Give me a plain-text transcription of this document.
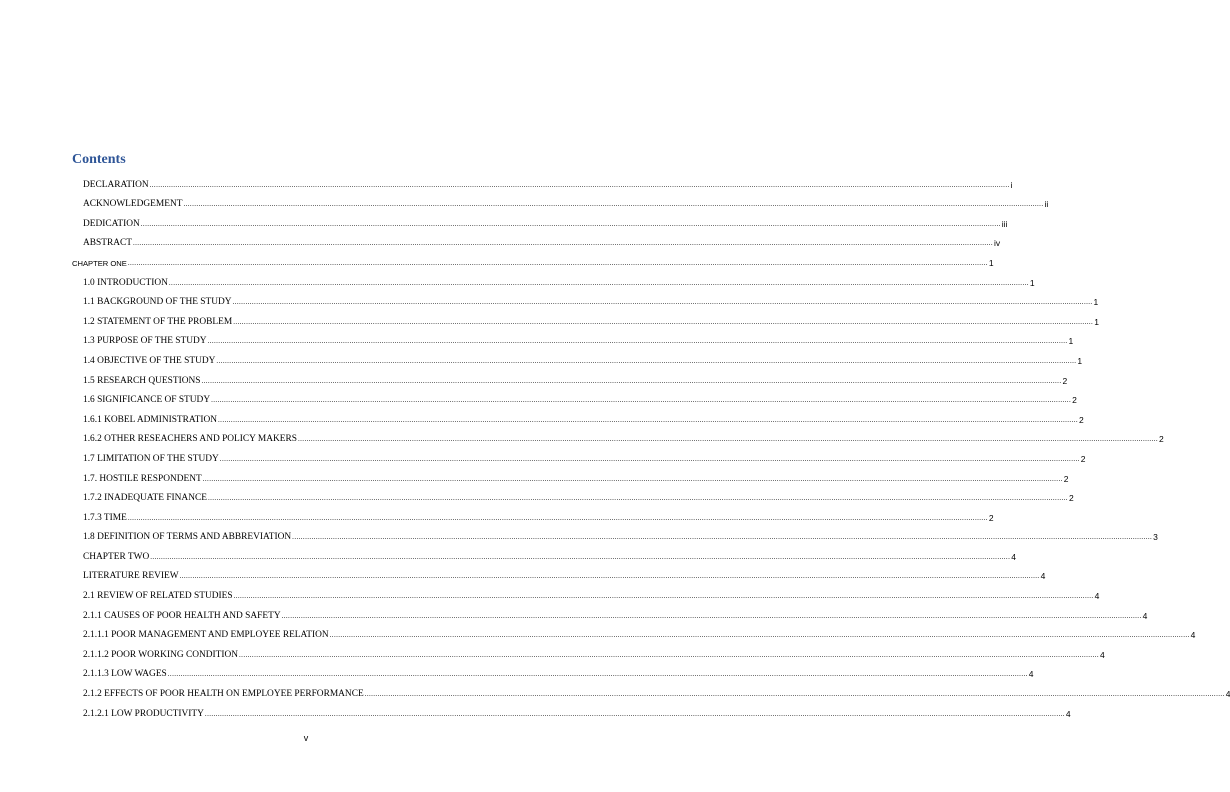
Contents
DECLARATION ................................................................................................................................................................................................................................................................................................................................................................................................................ i
ACKNOWLEDGEMENT ................................................................................................................................................................................................................................................................................................................................................................................................................ ii
DEDICATION ................................................................................................................................................................................................................................................................................................................................................................................................................ iii
ABSTRACT ................................................................................................................................................................................................................................................................................................................................................................................................................ iv
CHAPTER ONE ................................................................................................................................................................................................................................................................................................................................................................................................................ 1
1.0 INTRODUCTION ................................................................................................................................................................................................................................................................................................................................................................................................................ 1
1.1 BACKGROUND OF THE STUDY ................................................................................................................................................................................................................................................................................................................................................................................................................ 1
1.2 STATEMENT OF THE PROBLEM ................................................................................................................................................................................................................................................................................................................................................................................................................ 1
1.3 PURPOSE OF THE STUDY ................................................................................................................................................................................................................................................................................................................................................................................................................ 1
1.4 OBJECTIVE OF THE STUDY ................................................................................................................................................................................................................................................................................................................................................................................................................ 1
1.5 RESEARCH QUESTIONS ................................................................................................................................................................................................................................................................................................................................................................................................................ 2
1.6 SIGNIFICANCE OF STUDY ................................................................................................................................................................................................................................................................................................................................................................................................................ 2
1.6.1 KOBEL ADMINISTRATION ................................................................................................................................................................................................................................................................................................................................................................................................................ 2
1.6.2 OTHER RESEACHERS AND POLICY MAKERS ................................................................................................................................................................................................................................................................................................................................................................................................................ 2
1.7 LIMITATION OF THE STUDY ................................................................................................................................................................................................................................................................................................................................................................................................................ 2
1.7. HOSTILE RESPONDENT ................................................................................................................................................................................................................................................................................................................................................................................................................ 2
1.7.2 INADEQUATE FINANCE ................................................................................................................................................................................................................................................................................................................................................................................................................ 2
1.7.3 TIME ................................................................................................................................................................................................................................................................................................................................................................................................................ 2
1.8 DEFINITION OF TERMS AND ABBREVIATION ................................................................................................................................................................................................................................................................................................................................................................................................................ 3
CHAPTER TWO ................................................................................................................................................................................................................................................................................................................................................................................................................ 4
LITERATURE REVIEW ................................................................................................................................................................................................................................................................................................................................................................................................................ 4
2.1 REVIEW OF RELATED STUDIES ................................................................................................................................................................................................................................................................................................................................................................................................................ 4
2.1.1 CAUSES OF POOR HEALTH AND SAFETY ................................................................................................................................................................................................................................................................................................................................................................................................................ 4
2.1.1.1 POOR MANAGEMENT AND EMPLOYEE RELATION ................................................................................................................................................................................................................................................................................................................................................................................................................ 4
2.1.1.2 POOR WORKING CONDITION ................................................................................................................................................................................................................................................................................................................................................................................................................ 4
2.1.1.3 LOW WAGES ................................................................................................................................................................................................................................................................................................................................................................................................................ 4
2.1.2 EFFECTS OF POOR HEALTH ON EMPLOYEE PERFORMANCE ................................................................................................................................................................................................................................................................................................................................................................................................................ 4
2.1.2.1 LOW PRODUCTIVITY ................................................................................................................................................................................................................................................................................................................................................................................................................ 4
v
